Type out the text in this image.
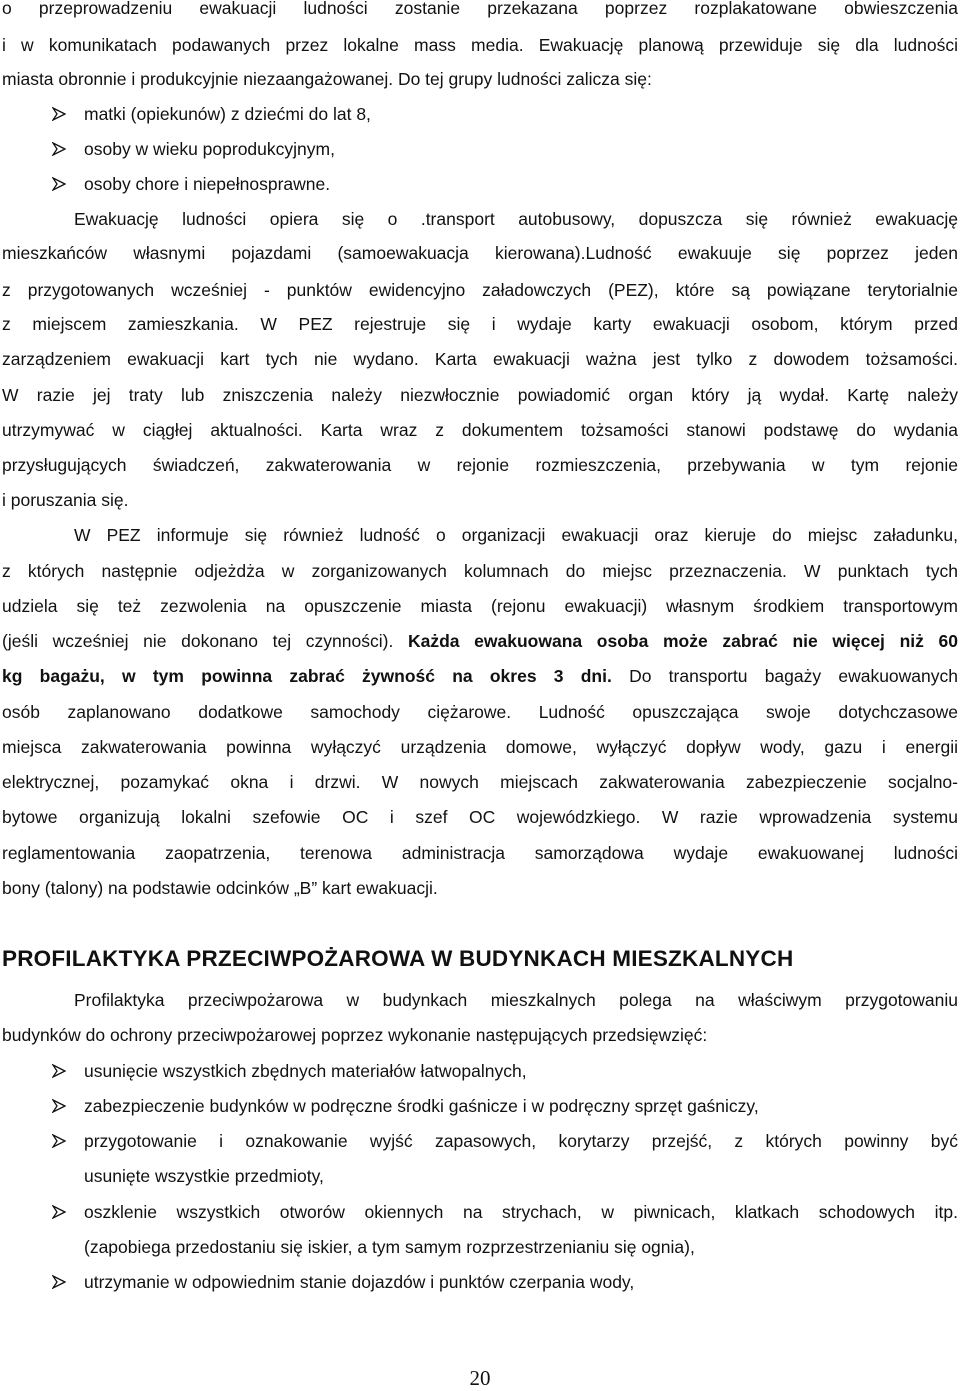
o przeprowadzeniu ewakuacji ludności zostanie przekazana poprzez rozplakatowane obwieszczenia
i w komunikatach podawanych przez lokalne mass media. Ewakuację planową przewiduje się dla ludności
miasta obronnie i produkcyjnie niezaangażowanej. Do tej grupy ludności zalicza się:
matki (opiekunów) z dziećmi do lat 8,
osoby w wieku poprodukcyjnym,
osoby chore i niepełnosprawne.
Ewakuację ludności opiera się o .transport autobusowy, dopuszcza się również ewakuację
mieszkańców własnymi pojazdami (samoewakuacja kierowana).Ludność ewakuuje się poprzez jeden
z przygotowanych wcześniej - punktów ewidencyjno załadowczych (PEZ), które są powiązane terytorialnie
z miejscem zamieszkania. W PEZ rejestruje się i wydaje karty ewakuacji osobom, którym przed
zarządzeniem ewakuacji kart tych nie wydano. Karta ewakuacji ważna jest tylko z dowodem tożsamości.
W razie jej traty lub zniszczenia należy niezwłocznie powiadomić organ który ją wydał. Kartę należy
utrzymywać w ciągłej aktualności. Karta wraz z dokumentem tożsamości stanowi podstawę do wydania
przysługujących świadczeń, zakwaterowania w rejonie rozmieszczenia, przebywania w tym rejonie
i poruszania się.
W PEZ informuje się również ludność o organizacji ewakuacji oraz kieruje do miejsc załadunku,
z których następnie odjeżdża w zorganizowanych kolumnach do miejsc przeznaczenia. W punktach tych
udziela się też zezwolenia na opuszczenie miasta (rejonu ewakuacji) własnym środkiem transportowym
(jeśli wcześniej nie dokonano tej czynności). Każda ewakuowana osoba może zabrać nie więcej niż 60
kg bagażu, w tym powinna zabrać żywność na okres 3 dni. Do transportu bagaży ewakuowanych
osób zaplanowano dodatkowe samochody ciężarowe. Ludność opuszczająca swoje dotychczasowe
miejsca zakwaterowania powinna wyłączyć urządzenia domowe, wyłączyć dopływ wody, gazu i energii
elektrycznej, pozamykać okna i drzwi. W nowych miejscach zakwaterowania zabezpieczenie socjalno-
bytowe organizują lokalni szefowie OC i szef OC wojewódzkiego. W razie wprowadzenia systemu
reglamentowania zaopatrzenia, terenowa administracja samorządowa wydaje ewakuowanej ludności
bony (talony) na podstawie odcinków „B” kart ewakuacji.
PROFILAKTYKA PRZECIWPOŻAROWA W BUDYNKACH MIESZKALNYCH
Profilaktyka przeciwpożarowa w budynkach mieszkalnych polega na właściwym przygotowaniu
budynków do ochrony przeciwpożarowej poprzez wykonanie następujących przedsięwzięć:
usunięcie wszystkich zbędnych materiałów łatwopalnych,
zabezpieczenie budynków w podręczne środki gaśnicze i w podręczny sprzęt gaśniczy,
przygotowanie i oznakowanie wyjść zapasowych, korytarzy przejść, z których powinny być
usunięte wszystkie przedmioty,
oszklenie wszystkich otworów okiennych na strychach, w piwnicach, klatkach schodowych itp.
(zapobiega przedostaniu się iskier, a tym samym rozprzestrzenianiu się ognia),
utrzymanie w odpowiednim stanie dojazdów i punktów czerpania wody,
20
